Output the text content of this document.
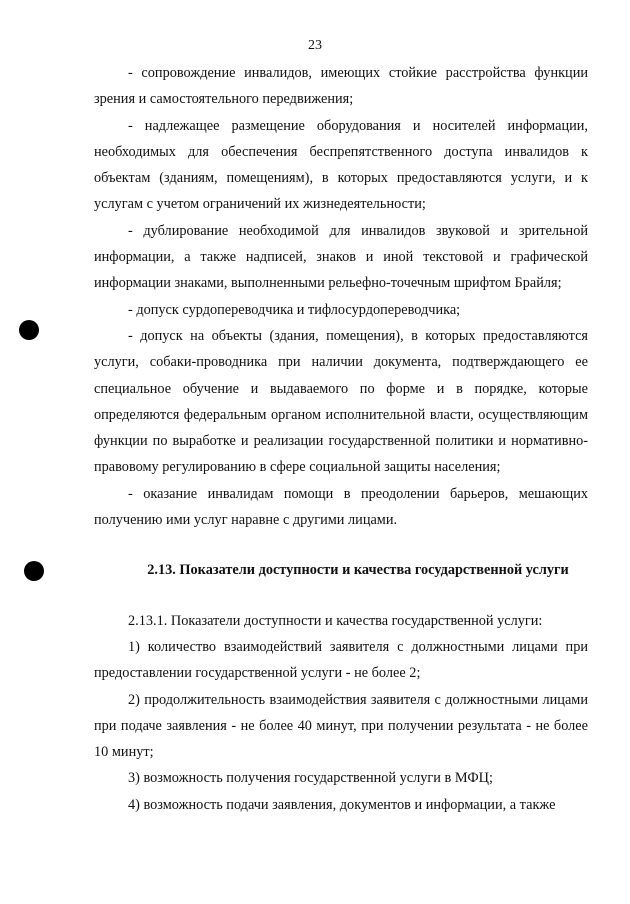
23

- сопровождение инвалидов, имеющих стойкие расстройства функции зрения и самостоятельного передвижения;

- надлежащее размещение оборудования и носителей информации, необходимых для обеспечения беспрепятственного доступа инвалидов к объектам (зданиям, помещениям), в которых предоставляются услуги, и к услугам с учетом ограничений их жизнедеятельности;

- дублирование необходимой для инвалидов звуковой и зрительной информации, а также надписей, знаков и иной текстовой и графической информации знаками, выполненными рельефно-точечным шрифтом Брайля;

- допуск сурдопереводчика и тифлосурдопереводчика;

- допуск на объекты (здания, помещения), в которых предоставляются услуги, собаки-проводника при наличии документа, подтверждающего ее специальное обучение и выдаваемого по форме и в порядке, которые определяются федеральным органом исполнительной власти, осуществляющим функции по выработке и реализации государственной политики и нормативно-правовому регулированию в сфере социальной защиты населения;

- оказание инвалидам помощи в преодолении барьеров, мешающих получению ими услуг наравне с другими лицами.

2.13. Показатели доступности и качества государственной услуги

2.13.1. Показатели доступности и качества государственной услуги:

1) количество взаимодействий заявителя с должностными лицами при предоставлении государственной услуги - не более 2;

2) продолжительность взаимодействия заявителя с должностными лицами при подаче заявления - не более 40 минут, при получении результата - не более 10 минут;

3) возможность получения государственной услуги в МФЦ;

4) возможность подачи заявления, документов и информации, а также
